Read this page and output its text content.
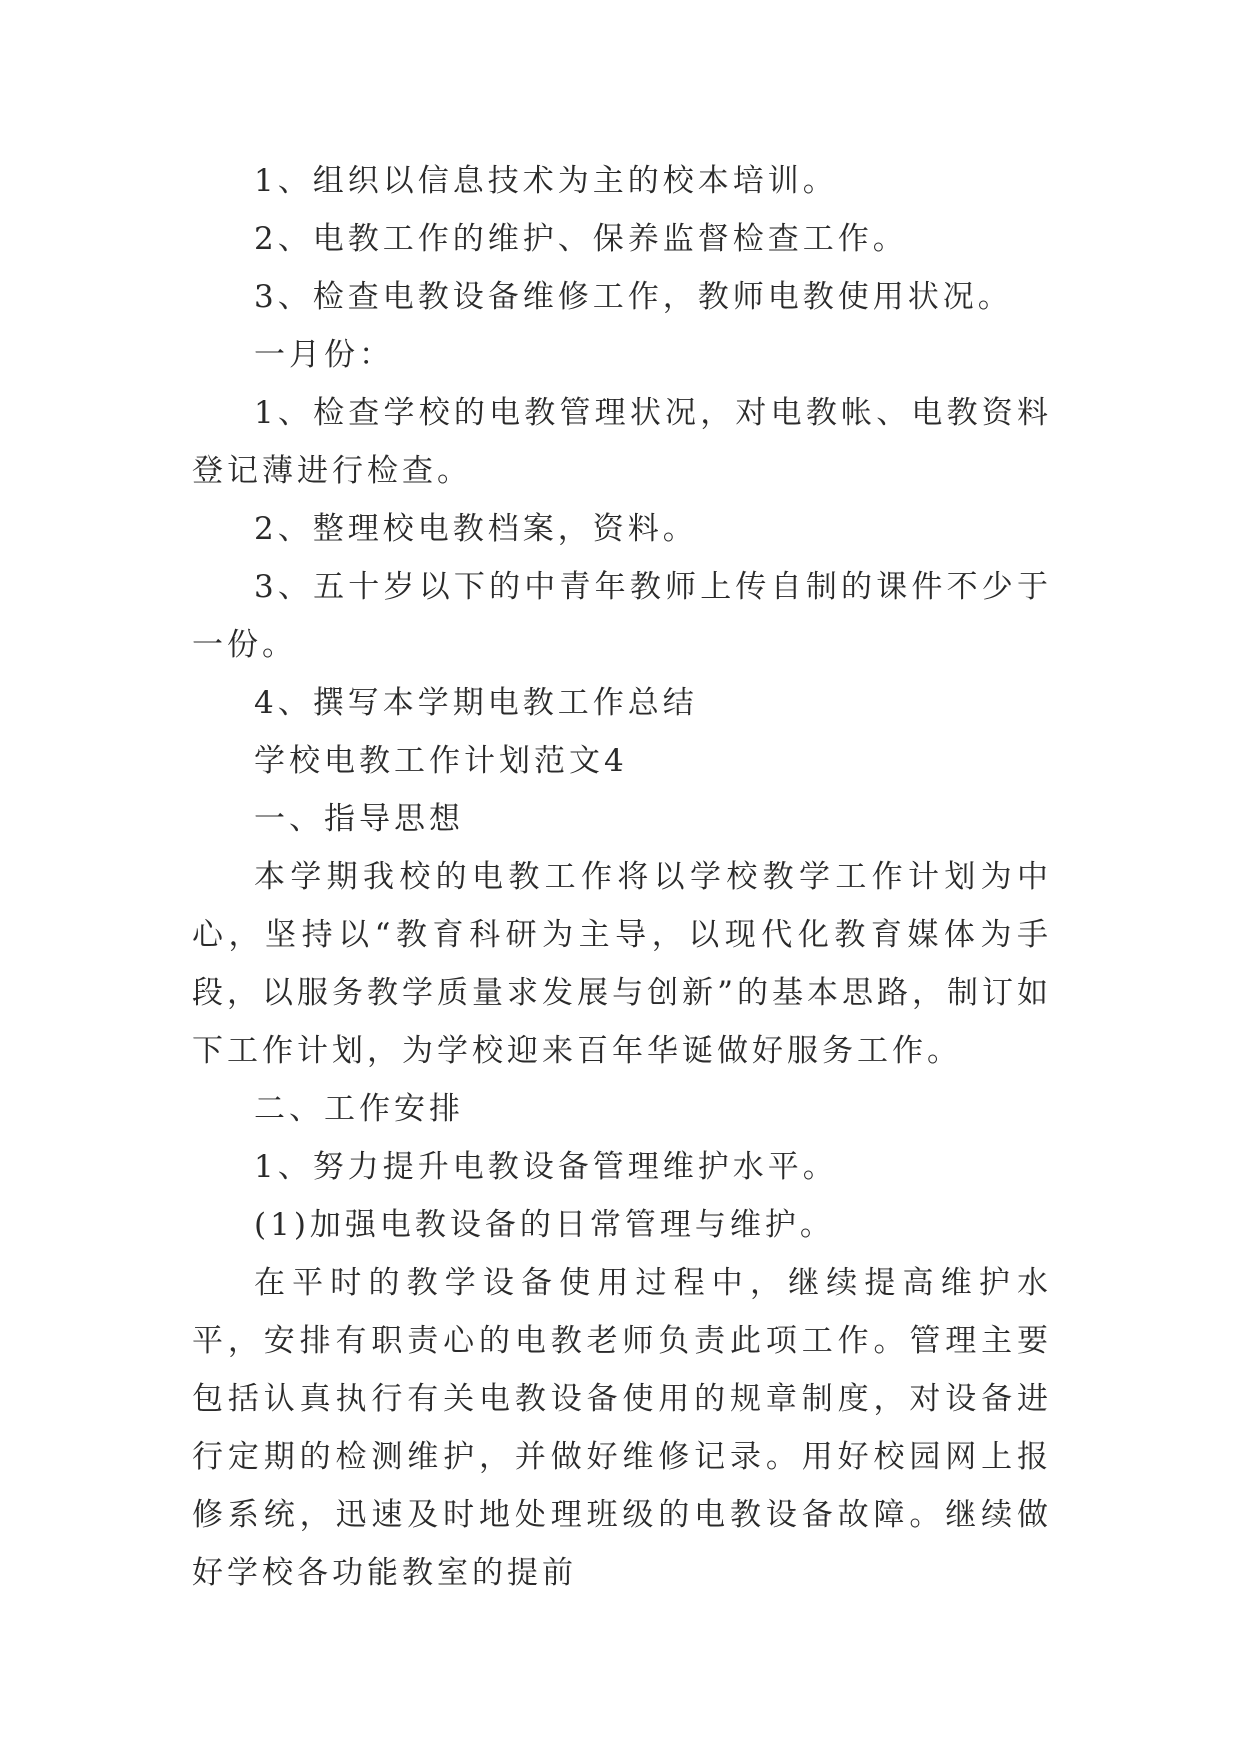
1、组织以信息技术为主的校本培训。

2、电教工作的维护、保养监督检查工作。

3、检查电教设备维修工作，教师电教使用状况。

一月份：

1、检查学校的电教管理状况，对电教帐、电教资料登记薄进行检查。

2、整理校电教档案，资料。

3、五十岁以下的中青年教师上传自制的课件不少于一份。

4、撰写本学期电教工作总结

学校电教工作计划范文4

一、指导思想

本学期我校的电教工作将以学校教学工作计划为中心，坚持以“教育科研为主导，以现代化教育媒体为手段，以服务教学质量求发展与创新”的基本思路，制订如下工作计划，为学校迎来百年华诞做好服务工作。

二、工作安排

1、努力提升电教设备管理维护水平。

(1)加强电教设备的日常管理与维护。

在平时的教学设备使用过程中，继续提高维护水平，安排有职责心的电教老师负责此项工作。管理主要包括认真执行有关电教设备使用的规章制度，对设备进行定期的检测维护，并做好维修记录。用好校园网上报修系统，迅速及时地处理班级的电教设备故障。继续做好学校各功能教室的提前
